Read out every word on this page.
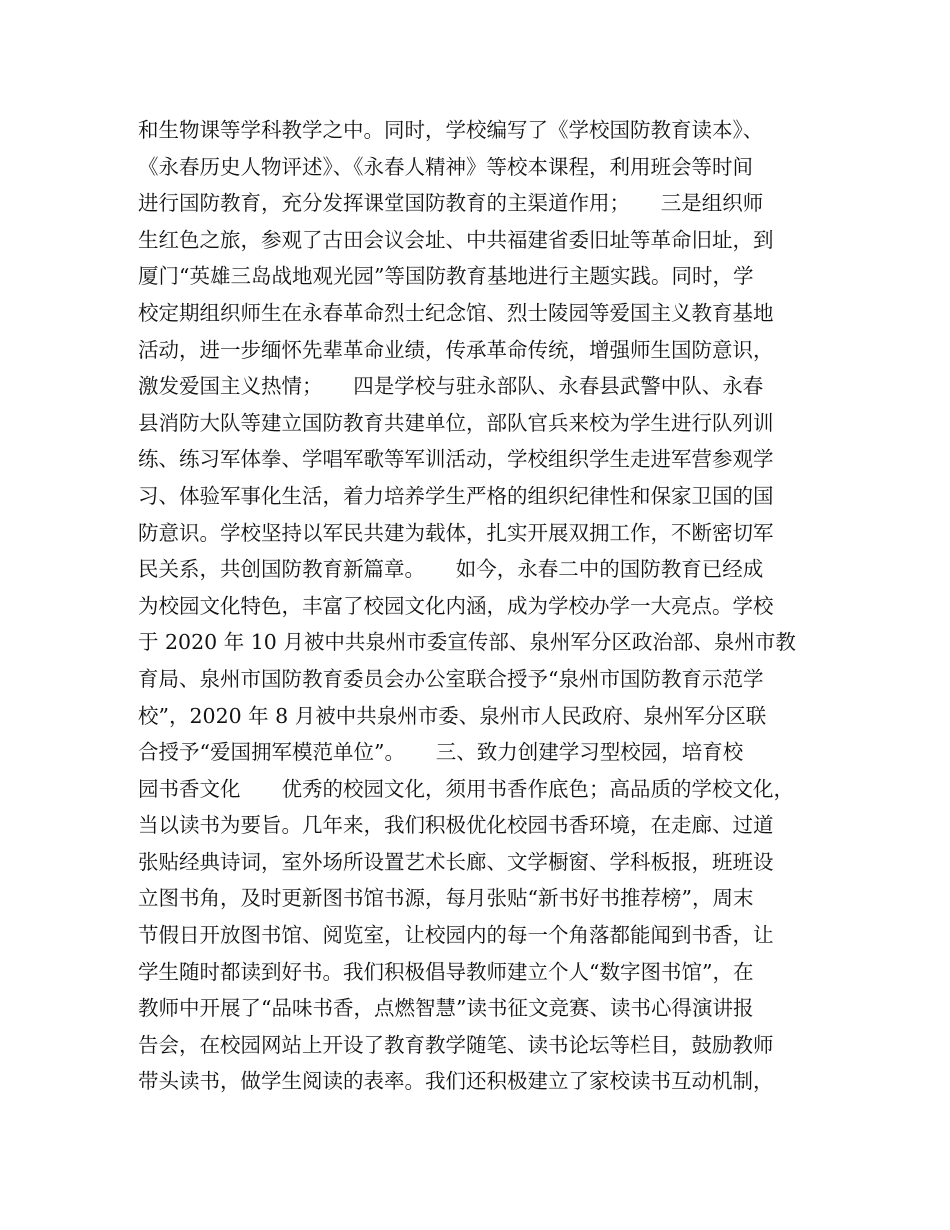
和生物课等学科教学之中。同时，学校编写了《学校国防教育读本》、
《永春历史人物评述》、《永春人精神》等校本课程，利用班会等时间
进行国防教育，充分发挥课堂国防教育的主渠道作用；　　三是组织师
生红色之旅，参观了古田会议会址、中共福建省委旧址等革命旧址，到
厦门“英雄三岛战地观光园”等国防教育基地进行主题实践。同时，学
校定期组织师生在永春革命烈士纪念馆、烈士陵园等爱国主义教育基地
活动，进一步缅怀先辈革命业绩，传承革命传统，增强师生国防意识，
激发爱国主义热情；　　四是学校与驻永部队、永春县武警中队、永春
县消防大队等建立国防教育共建单位，部队官兵来校为学生进行队列训
练、练习军体拳、学唱军歌等军训活动，学校组织学生走进军营参观学
习、体验军事化生活，着力培养学生严格的组织纪律性和保家卫国的国
防意识。学校坚持以军民共建为载体，扎实开展双拥工作，不断密切军
民关系，共创国防教育新篇章。　　如今，永春二中的国防教育已经成
为校园文化特色，丰富了校园文化内涵，成为学校办学一大亮点。学校
于 2020 年 10 月被中共泉州市委宣传部、泉州军分区政治部、泉州市教
育局、泉州市国防教育委员会办公室联合授予“泉州市国防教育示范学
校”，2020 年 8 月被中共泉州市委、泉州市人民政府、泉州军分区联
合授予“爱国拥军模范单位”。　　三、致力创建学习型校园，培育校
园书香文化　　优秀的校园文化，须用书香作底色；高品质的学校文化，
当以读书为要旨。几年来，我们积极优化校园书香环境，在走廊、过道
张贴经典诗词，室外场所设置艺术长廊、文学橱窗、学科板报，班班设
立图书角，及时更新图书馆书源，每月张贴“新书好书推荐榜”，周末
节假日开放图书馆、阅览室，让校园内的每一个角落都能闻到书香，让
学生随时都读到好书。我们积极倡导教师建立个人“数字图书馆”，在
教师中开展了“品味书香，点燃智慧”读书征文竞赛、读书心得演讲报
告会，在校园网站上开设了教育教学随笔、读书论坛等栏目，鼓励教师
带头读书，做学生阅读的表率。我们还积极建立了家校读书互动机制，
